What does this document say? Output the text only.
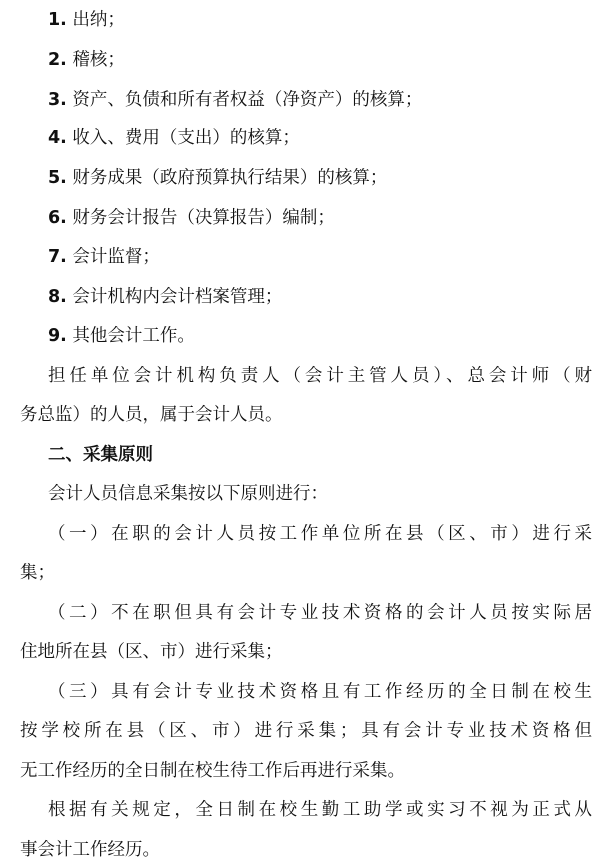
1. 出纳；
2. 稽核；
3. 资产、负债和所有者权益（净资产）的核算；
4. 收入、费用（支出）的核算；
5. 财务成果（政府预算执行结果）的核算；
6. 财务会计报告（决算报告）编制；
7. 会计监督；
8. 会计机构内会计档案管理；
9. 其他会计工作。
担任单位会计机构负责人（会计主管人员）、总会计师（财
务总监）的人员，属于会计人员。
二、采集原则
会计人员信息采集按以下原则进行：
（一）在职的会计人员按工作单位所在县（区、市）进行采
集；
（二）不在职但具有会计专业技术资格的会计人员按实际居
住地所在县（区、市）进行采集；
（三）具有会计专业技术资格且有工作经历的全日制在校生
按学校所在县（区、市）进行采集；具有会计专业技术资格但
无工作经历的全日制在校生待工作后再进行采集。
根据有关规定，全日制在校生勤工助学或实习不视为正式从
事会计工作经历。
